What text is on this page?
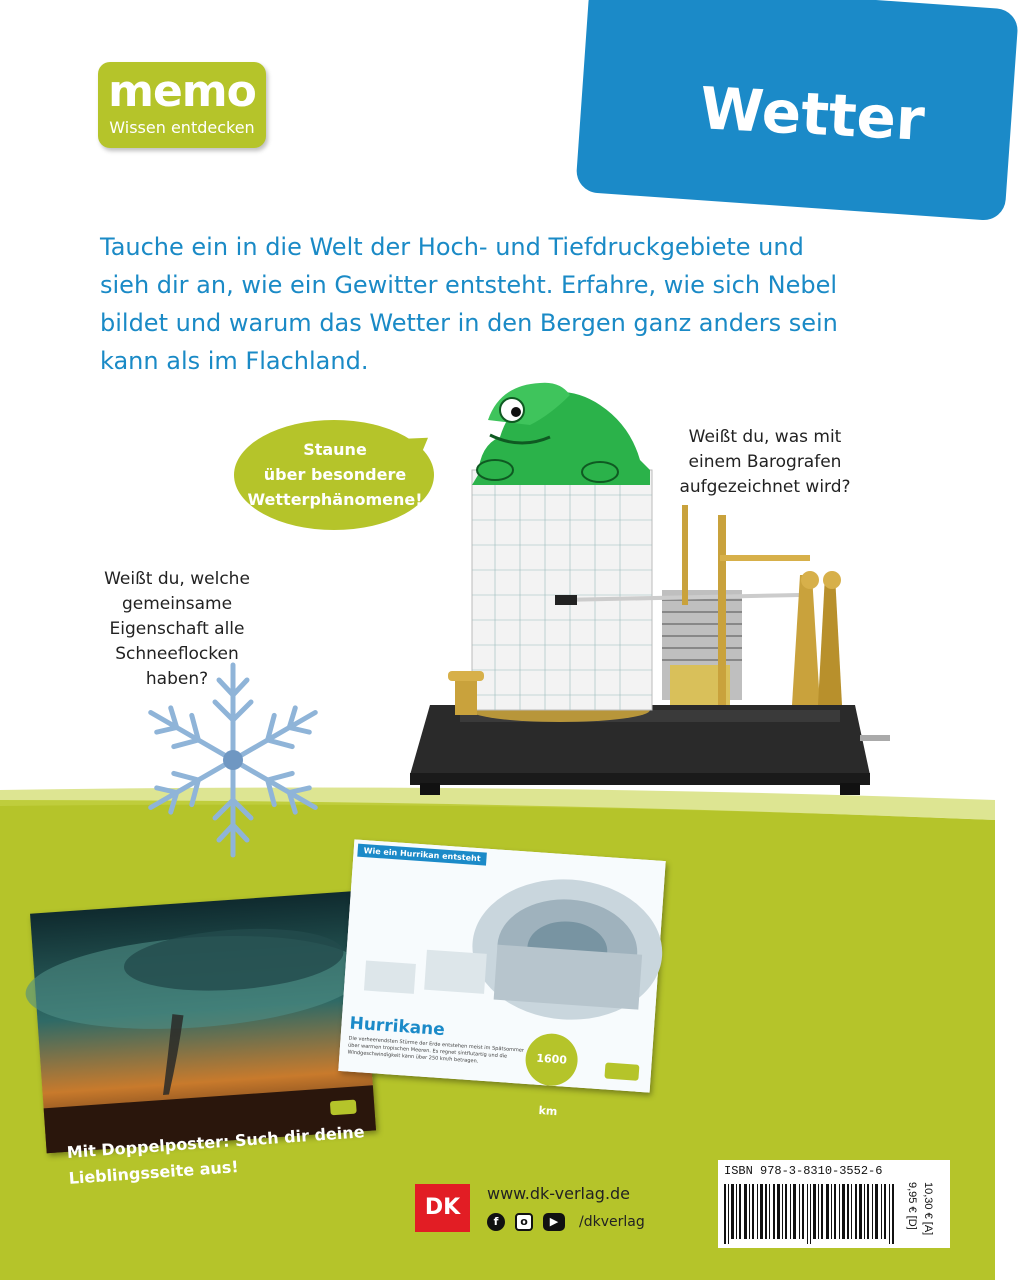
memo
Wissen entdecken	Wetter
Tauche ein in die Welt der Hoch- und Tiefdruckgebiete und sieh dir an, wie ein Gewitter entsteht. Erfahre, wie sich Nebel bildet und warum das Wetter in den Bergen ganz anders sein kann als im Flachland.
Staune
über besondere
Wetterphänomene!
Weißt du, was mit
einem Barografen
aufgezeichnet wird?
Weißt du, welche
gemeinsame
Eigenschaft alle
Schneeflocken
haben?
Wie ein Hurrikan entsteht
Hurrikane
Die verheerendsten Stürme der Erde entstehen meist im Spätsommer über warmen tropischen Meeren. Es regnet sintflutartig und die Windgeschwindigkeit kann über 250 km/h betragen.	1600 km
Mit Doppelposter: Such dir deine
Lieblingsseite aus!
DK
www.dk-verlag.de
f	o	▶	/dkverlag
ISBN 978-3-8310-3552-6
9,95 € [D] 10,30 € [A]
